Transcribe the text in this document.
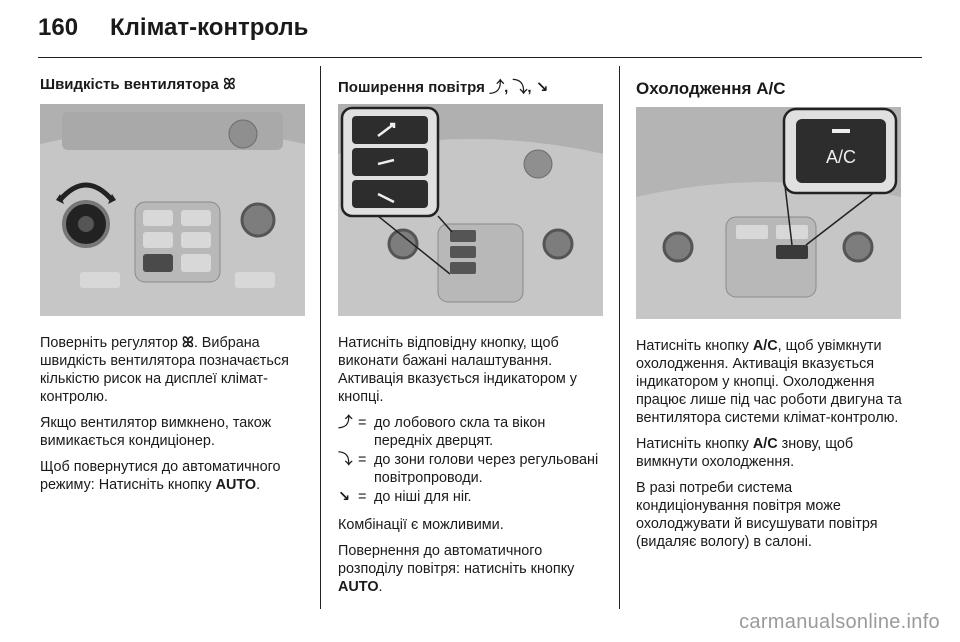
160	Клімат-контроль
Швидкість вентилятора ꕤ

Поверніть регулятор ꕤ. Вибрана швидкість вентилятора позначається кількістю рисок на дисплеї клімат-контролю.

Якщо вентилятор вимкнено, також вимикається кондиціонер.

Щоб повернутися до автоматичного режиму: Натисніть кнопку AUTO.

Поширення повітря ⤴, ⤵, ↘

Натисніть відповідну кнопку, щоб виконати бажані налаштування. Активація вказується індикатором у кнопці.

⤴ = до лобового скла та вікон передніх дверцят.
⤵ = до зони голови через регульовані повітропроводи.
↘ = до ніші для ніг.

Комбінації є можливими.

Повернення до автоматичного розподілу повітря: натисніть кнопку AUTO.

Охолодження A/C
A/C

Натисніть кнопку A/C, щоб увімкнути охолодження. Активація вказується індикатором у кнопці. Охолодження працює лише під час роботи двигуна та вентилятора системи клімат-контролю.

Натисніть кнопку A/C знову, щоб вимкнути охолодження.

В разі потреби система кондиціонування повітря може охолоджувати й висушувати повітря (видаляє вологу) в салоні.

carmanualsonline.info
